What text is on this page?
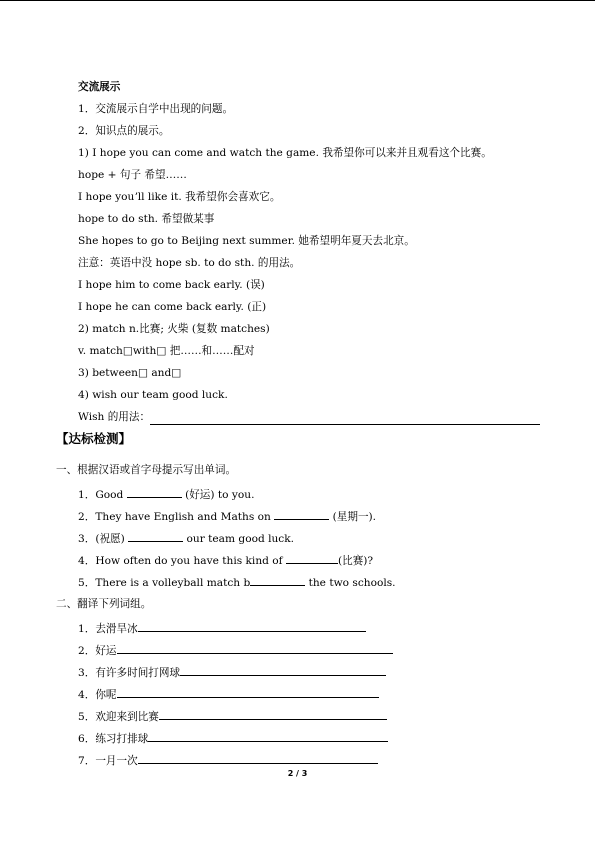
交流展示
1．交流展示自学中出现的问题。
2．知识点的展示。
1) I hope you can come and watch the game. 我希望你可以来并且观看这个比赛。
hope + 句子 希望……
I hope youʼll like it. 我希望你会喜欢它。
hope to do sth. 希望做某事
She hopes to go to Beijing next summer. 她希望明年夏天去北京。
注意：英语中没 hope sb. to do sth. 的用法。
I hope him to come back early. (误)
I hope he can come back early. (正)
2) match n.比赛; 火柴 (复数 matches)
v. match□with□ 把……和……配对
3) between□ and□
4) wish our team good luck.
Wish 的用法：
【达标检测】
一、根据汉语或首字母提示写出单词。
1．Good	(好运) to you.
2．They have English and Maths on	(星期一).
3．(祝愿)	our team good luck.
4．How often do you have this kind of	(比赛)?
5．There is a volleyball match b	the two schools.
二、翻译下列词组。
1．去滑旱冰
2．好运
3．有许多时间打网球
4．你呢
5．欢迎来到比赛
6．练习打排球
7．一月一次
2 / 3
